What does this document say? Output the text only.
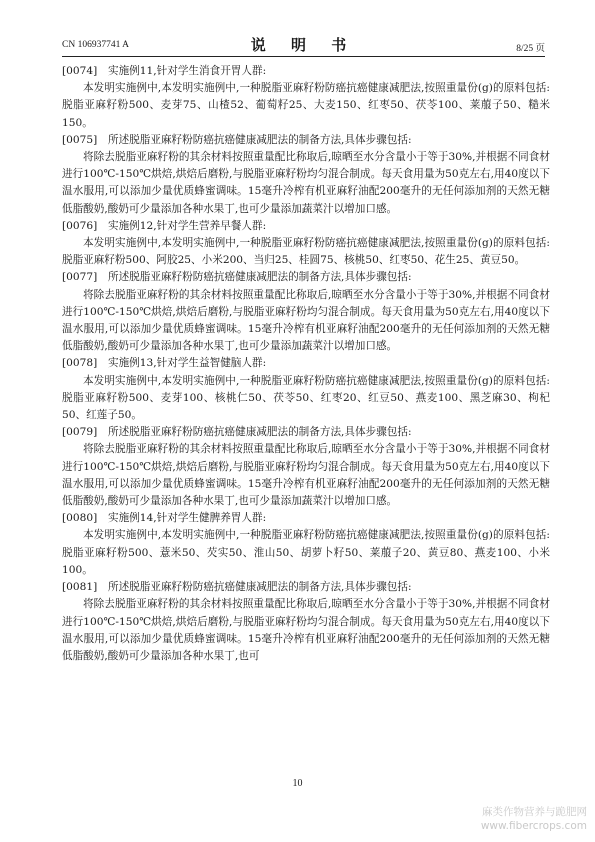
CN 106937741 A	说 明 书	8/25 页
[0074] 实施例11,针对学生消食开胃人群:
本发明实施例中,本发明实施例中,一种脱脂亚麻籽粉防癌抗癌健康减肥法,按照重量份(g)的原料包括:脱脂亚麻籽粉500、麦芽75、山楂52、葡萄籽25、大麦150、红枣50、茯苓100、莱菔子50、糙米150。
[0075] 所述脱脂亚麻籽粉防癌抗癌健康减肥法的制备方法,具体步骤包括:
将除去脱脂亚麻籽粉的其余材料按照重量配比称取后,晾晒至水分含量小于等于30%,并根据不同食材进行100℃-150℃烘焙,烘焙后磨粉,与脱脂亚麻籽粉均匀混合制成。每天食用量为50克左右,用40度以下温水服用,可以添加少量优质蜂蜜调味。15毫升冷榨有机亚麻籽油配200毫升的无任何添加剂的天然无糖低脂酸奶,酸奶可少量添加各种水果丁,也可少量添加蔬菜汁以增加口感。
[0076] 实施例12,针对学生营养早餐人群:
本发明实施例中,本发明实施例中,一种脱脂亚麻籽粉防癌抗癌健康减肥法,按照重量份(g)的原料包括:脱脂亚麻籽粉500、阿胶25、小米200、当归25、桂圆75、核桃50、红枣50、花生25、黄豆50。
[0077] 所述脱脂亚麻籽粉防癌抗癌健康减肥法的制备方法,具体步骤包括:
将除去脱脂亚麻籽粉的其余材料按照重量配比称取后,晾晒至水分含量小于等于30%,并根据不同食材进行100℃-150℃烘焙,烘焙后磨粉,与脱脂亚麻籽粉均匀混合制成。每天食用量为50克左右,用40度以下温水服用,可以添加少量优质蜂蜜调味。15毫升冷榨有机亚麻籽油配200毫升的无任何添加剂的天然无糖低脂酸奶,酸奶可少量添加各种水果丁,也可少量添加蔬菜汁以增加口感。
[0078] 实施例13,针对学生益智健脑人群:
本发明实施例中,本发明实施例中,一种脱脂亚麻籽粉防癌抗癌健康减肥法,按照重量份(g)的原料包括:脱脂亚麻籽粉500、麦芽100、核桃仁50、茯苓50、红枣20、红豆50、燕麦100、黑芝麻30、枸杞50、红莲子50。
[0079] 所述脱脂亚麻籽粉防癌抗癌健康减肥法的制备方法,具体步骤包括:
将除去脱脂亚麻籽粉的其余材料按照重量配比称取后,晾晒至水分含量小于等于30%,并根据不同食材进行100℃-150℃烘焙,烘焙后磨粉,与脱脂亚麻籽粉均匀混合制成。每天食用量为50克左右,用40度以下温水服用,可以添加少量优质蜂蜜调味。15毫升冷榨有机亚麻籽油配200毫升的无任何添加剂的天然无糖低脂酸奶,酸奶可少量添加各种水果丁,也可少量添加蔬菜汁以增加口感。
[0080] 实施例14,针对学生健脾养胃人群:
本发明实施例中,本发明实施例中,一种脱脂亚麻籽粉防癌抗癌健康减肥法,按照重量份(g)的原料包括:脱脂亚麻籽粉500、薏米50、芡实50、淮山50、胡萝卜籽50、莱菔子20、黄豆80、燕麦100、小米100。
[0081] 所述脱脂亚麻籽粉防癌抗癌健康减肥法的制备方法,具体步骤包括:
将除去脱脂亚麻籽粉的其余材料按照重量配比称取后,晾晒至水分含量小于等于30%,并根据不同食材进行100℃-150℃烘焙,烘焙后磨粉,与脱脂亚麻籽粉均匀混合制成。每天食用量为50克左右,用40度以下温水服用,可以添加少量优质蜂蜜调味。15毫升冷榨有机亚麻籽油配200毫升的无任何添加剂的天然无糖低脂酸奶,酸奶可少量添加各种水果丁,也可
10
麻类作物营养与跪肥网
www.fibercrops.com
